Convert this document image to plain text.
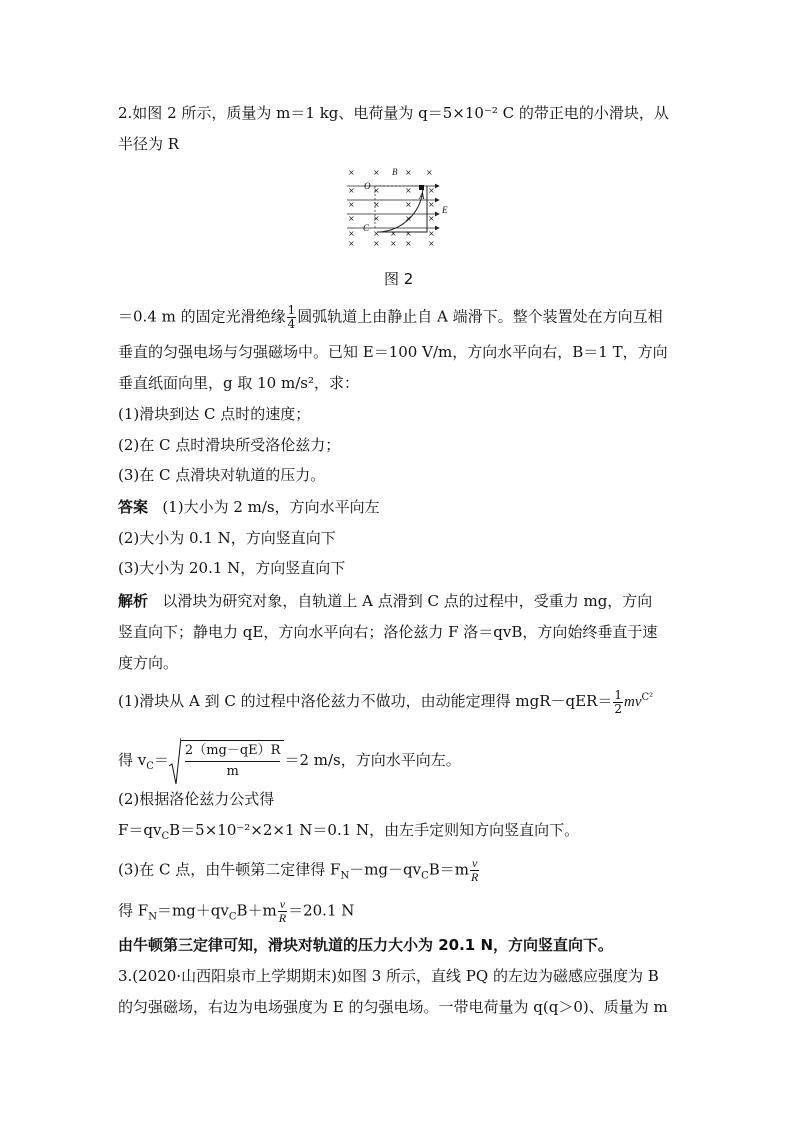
2.如图 2 所示，质量为 m＝1 kg、电荷量为 q＝5×10⁻² C 的带正电的小滑块，从
半径为 R
× ×	× ×
× ×	× ×
× ×	× ×
× ×	× ×
× × × × ×
× × × × ×
B
O
A
C
E
图 2
＝0.4 m 的固定光滑绝缘 $\frac{1}{4}$ 圆弧轨道上由静止自 A 端滑下。整个装置处在方向互相
垂直的匀强电场与匀强磁场中。已知 E＝100 V/m，方向水平向右，B＝1 T，方向
垂直纸面向里，g 取 10 m/s²，求：
(1)滑块到达 C 点时的速度；
(2)在 C 点时滑块所受洛伦兹力；
(3)在 C 点滑块对轨道的压力。
答案 (1)大小为 2 m/s，方向水平向左
(2)大小为 0.1 N，方向竖直向下
(3)大小为 20.1 N，方向竖直向下
解析 以滑块为研究对象，自轨道上 A 点滑到 C 点的过程中，受重力 mg，方向
竖直向下；静电力 qE，方向水平向右；洛伦兹力 F 洛＝qvB，方向始终垂直于速
度方向。
(1)滑块从 A 到 C 的过程中洛伦兹力不做功，由动能定理得 $mgR-qER= \frac{1}{2} mv^{C^2}$
得 $v_C= \frac{2(mg-qE)R}{m}=2$ m/s，方向水平向左。
(2)根据洛伦兹力公式得
$F=qv_CB=5\times 10^{-2}\times 2\times 1$ N＝0.1 N，由左手定则知方向竖直向下。
(3)在 C 点，由牛顿第二定律得 $F_N-mg-qv_CB=m \frac{v}{R}$
得 $F_N=mg+qv_CB+m \frac{v}{R} =20.1$ N
由牛顿第三定律可知，滑块对轨道的压力大小为 20.1 N，方向竖直向下。
3.(2020·山西阳泉市上学期期末)如图 3 所示，直线 PQ 的左边为磁感应强度为 B
的匀强磁场，右边为电场强度为 E 的匀强电场。一带电荷量为 q(q＞0)、质量为 m
